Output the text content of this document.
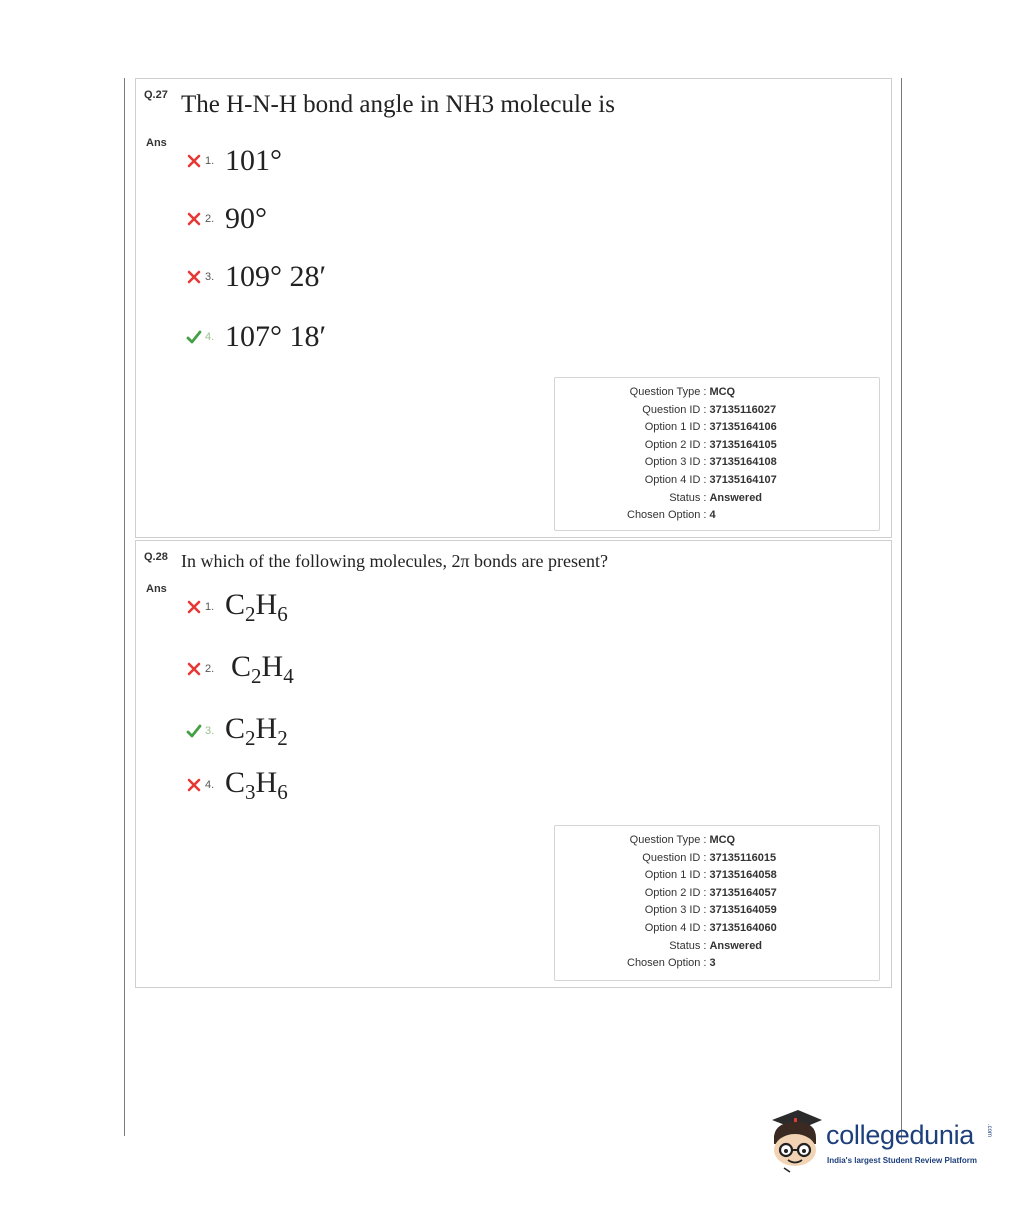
Q.27 The H-N-H bond angle in NH3 molecule is
Ans
1. 101°
2. 90°
3. 109° 28′
4. 107° 18′
Question Type	:	MCQ
Question ID	:	37135116027
Option 1 ID	:	37135164106
Option 2 ID	:	37135164105
Option 3 ID	:	37135164108
Option 4 ID	:	37135164107
Status	:	Answered
Chosen Option	:	4
Q.28 In which of the following molecules, 2π bonds are present?
Ans
1. $C_2H_6$
2. $C_2H_4$
3. $C_2H_2$
4. $C_3H_6$
Question Type	:	MCQ
Question ID	:	37135116015
Option 1 ID	:	37135164058
Option 2 ID	:	37135164057
Option 3 ID	:	37135164059
Option 4 ID	:	37135164060
Status	:	Answered
Chosen Option	:	3
collegedunia .com
India's largest Student Review Platform
